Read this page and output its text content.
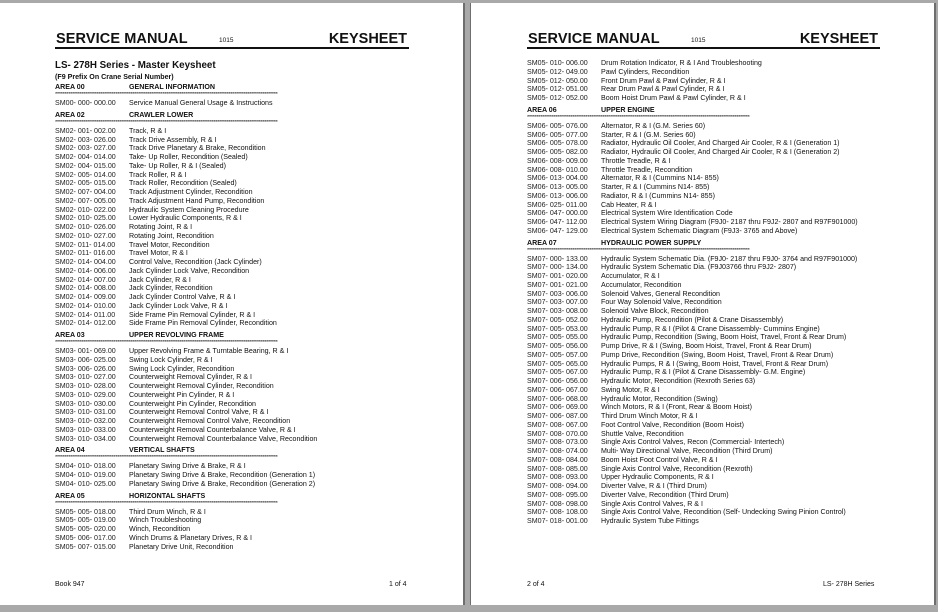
SERVICE MANUAL	1015	KEYSHEET
LS- 278H Series - Master Keysheet
(F9 Prefix On Crane Serial Number)
AREA 00	GENERAL INFORMATION
**********************************************************************************************************************
SM00- 000- 000.00	Service Manual General Usage & Instructions
AREA 02	CRAWLER LOWER
**********************************************************************************************************************
SM02- 001- 002.00	Track, R & I
SM02- 003- 026.00	Track Drive Assembly, R & I
SM02- 003- 027.00	Track Drive Planetary & Brake, Recondition
SM02- 004- 014.00	Take- Up Roller, Recondition (Sealed)
SM02- 004- 015.00	Take- Up Roller, R & I (Sealed)
SM02- 005- 014.00	Track Roller, R & I
SM02- 005- 015.00	Track Roller, Recondition (Sealed)
SM02- 007- 004.00	Track Adjustment Cylinder, Recondition
SM02- 007- 005.00	Track Adjustment Hand Pump, Recondition
SM02- 010- 022.00	Hydraulic System Cleaning Procedure
SM02- 010- 025.00	Lower Hydraulic Components, R & I
SM02- 010- 026.00	Rotating Joint, R & I
SM02- 010- 027.00	Rotating Joint, Recondition
SM02- 011- 014.00	Travel Motor, Recondition
SM02- 011- 016.00	Travel Motor, R & I
SM02- 014- 004.00	Control Valve, Recondition (Jack Cylinder)
SM02- 014- 006.00	Jack Cylinder Lock Valve, Recondition
SM02- 014- 007.00	Jack Cylinder, R & I
SM02- 014- 008.00	Jack Cylinder, Recondition
SM02- 014- 009.00	Jack Cylinder Control Valve, R & I
SM02- 014- 010.00	Jack Cylinder Lock Valve, R & I
SM02- 014- 011.00	Side Frame Pin Removal Cylinder, R & I
SM02- 014- 012.00	Side Frame Pin Removal Cylinder, Recondition
AREA 03	UPPER REVOLVING FRAME
**********************************************************************************************************************
SM03- 001- 069.00	Upper Revolving Frame & Turntable Bearing, R & I
SM03- 006- 025.00	Swing Lock Cylinder, R & I
SM03- 006- 026.00	Swing Lock Cylinder, Recondition
SM03- 010- 027.00	Counterweight Removal Cylinder, R & I
SM03- 010- 028.00	Counterweight Removal Cylinder, Recondition
SM03- 010- 029.00	Counterweight Pin Cylinder, R & I
SM03- 010- 030.00	Counterweight Pin Cylinder, Recondition
SM03- 010- 031.00	Counterweight Removal Control Valve, R & I
SM03- 010- 032.00	Counterweight Removal Control Valve, Recondition
SM03- 010- 033.00	Counterweight Removal Counterbalance Valve, R & I
SM03- 010- 034.00	Counterweight Removal Counterbalance Valve, Recondition
AREA 04	VERTICAL SHAFTS
**********************************************************************************************************************
SM04- 010- 018.00	Planetary Swing Drive & Brake, R & I
SM04- 010- 019.00	Planetary Swing Drive & Brake, Recondition (Generation 1)
SM04- 010- 025.00	Planetary Swing Drive & Brake, Recondition (Generation 2)
AREA 05	HORIZONTAL SHAFTS
**********************************************************************************************************************
SM05- 005- 018.00	Third Drum Winch, R & I
SM05- 005- 019.00	Winch Troubleshooting
SM05- 005- 020.00	Winch, Recondition
SM05- 006- 017.00	Winch Drums & Planetary Drives, R & I
SM05- 007- 015.00	Planetary Drive Unit, Recondition
Book 947	1 of 4
SERVICE MANUAL	1015	KEYSHEET
SM05- 010- 006.00	Drum Rotation Indicator, R & I And Troubleshooting
SM05- 012- 049.00	Pawl Cylinders, Recondition
SM05- 012- 050.00	Front Drum Pawl & Pawl Cylinder, R & I
SM05- 012- 051.00	Rear Drum Pawl & Pawl Cylinder, R & I
SM05- 012- 052.00	Boom Hoist Drum Pawl & Pawl Cylinder, R & I
AREA 06	UPPER ENGINE
**********************************************************************************************************************
SM06- 005- 076.00	Alternator, R & I (G.M. Series 60)
SM06- 005- 077.00	Starter, R & I (G.M. Series 60)
SM06- 005- 078.00	Radiator, Hydraulic Oil Cooler, And Charged Air Cooler, R & I (Generation 1)
SM06- 005- 082.00	Radiator, Hydraulic Oil Cooler, And Charged Air Cooler, R & I (Generation 2)
SM06- 008- 009.00	Throttle Treadle, R & I
SM06- 008- 010.00	Throttle Treadle, Recondition
SM06- 013- 004.00	Alternator, R & I (Cummins N14- 855)
SM06- 013- 005.00	Starter, R & I (Cummins N14- 855)
SM06- 013- 006.00	Radiator, R & I (Cummins N14- 855)
SM06- 025- 011.00	Cab Heater, R & I
SM06- 047- 000.00	Electrical System Wire Identification Code
SM06- 047- 112.00	Electrical System Wiring Diagram (F9J0- 2187 thru F9J2- 2807 and R97F901000)
SM06- 047- 129.00	Electrical System Schematic Diagram (F9J3- 3765 and Above)
AREA 07	HYDRAULIC POWER SUPPLY
**********************************************************************************************************************
SM07- 000- 133.00	Hydraulic System Schematic Dia. (F9J0- 2187 thru F9J0- 3764 and R97F901000)
SM07- 000- 134.00	Hydraulic System Schematic Dia. (F9J03766 thru F9J2- 2807)
SM07- 001- 020.00	Accumulator, R & I
SM07- 001- 021.00	Accumulator, Recondition
SM07- 003- 006.00	Solenoid Valves, General Recondition
SM07- 003- 007.00	Four Way Solenoid Valve, Recondition
SM07- 003- 008.00	Solenoid Valve Block, Recondition
SM07- 005- 052.00	Hydraulic Pump, Recondition (Pilot & Crane Disassembly)
SM07- 005- 053.00	Hydraulic Pump, R & I (Pilot & Crane Disassembly- Cummins Engine)
SM07- 005- 055.00	Hydraulic Pump, Recondition (Swing, Boom Hoist, Travel, Front & Rear Drum)
SM07- 005- 056.00	Pump Drive, R & I (Swing, Boom Hoist, Travel, Front & Rear Drum)
SM07- 005- 057.00	Pump Drive, Recondition (Swing, Boom Hoist, Travel, Front & Rear Drum)
SM07- 005- 065.00	Hydraulic Pumps, R & I (Swing, Boom Hoist, Travel, Front & Rear Drum)
SM07- 005- 067.00	Hydraulic Pump, R & I (Pilot & Crane Disassembly- G.M. Engine)
SM07- 006- 056.00	Hydraulic Motor, Recondition (Rexroth Series 63)
SM07- 006- 067.00	Swing Motor, R & I
SM07- 006- 068.00	Hydraulic Motor, Recondition (Swing)
SM07- 006- 069.00	Winch Motors, R & I (Front, Rear & Boom Hoist)
SM07- 006- 087.00	Third Drum Winch Motor, R & I
SM07- 008- 067.00	Foot Control Valve, Recondition (Boom Hoist)
SM07- 008- 070.00	Shuttle Valve, Recondition
SM07- 008- 073.00	Single Axis Control Valves, Recon (Commercial- Intertech)
SM07- 008- 074.00	Multi- Way Directional Valve, Recondition (Third Drum)
SM07- 008- 084.00	Boom Hoist Foot Control Valve, R & I
SM07- 008- 085.00	Single Axis Control Valve, Recondition (Rexroth)
SM07- 008- 093.00	Upper Hydraulic Components, R & I
SM07- 008- 094.00	Diverter Valve, R & I (Third Drum)
SM07- 008- 095.00	Diverter Valve, Recondition (Third Drum)
SM07- 008- 098.00	Single Axis Control Valves, R & I
SM07- 008- 108.00	Single Axis Control Valve, Recondition (Self- Undecking Swing Pinion Control)
SM07- 018- 001.00	Hydraulic System Tube Fittings
2 of 4	LS- 278H Series
